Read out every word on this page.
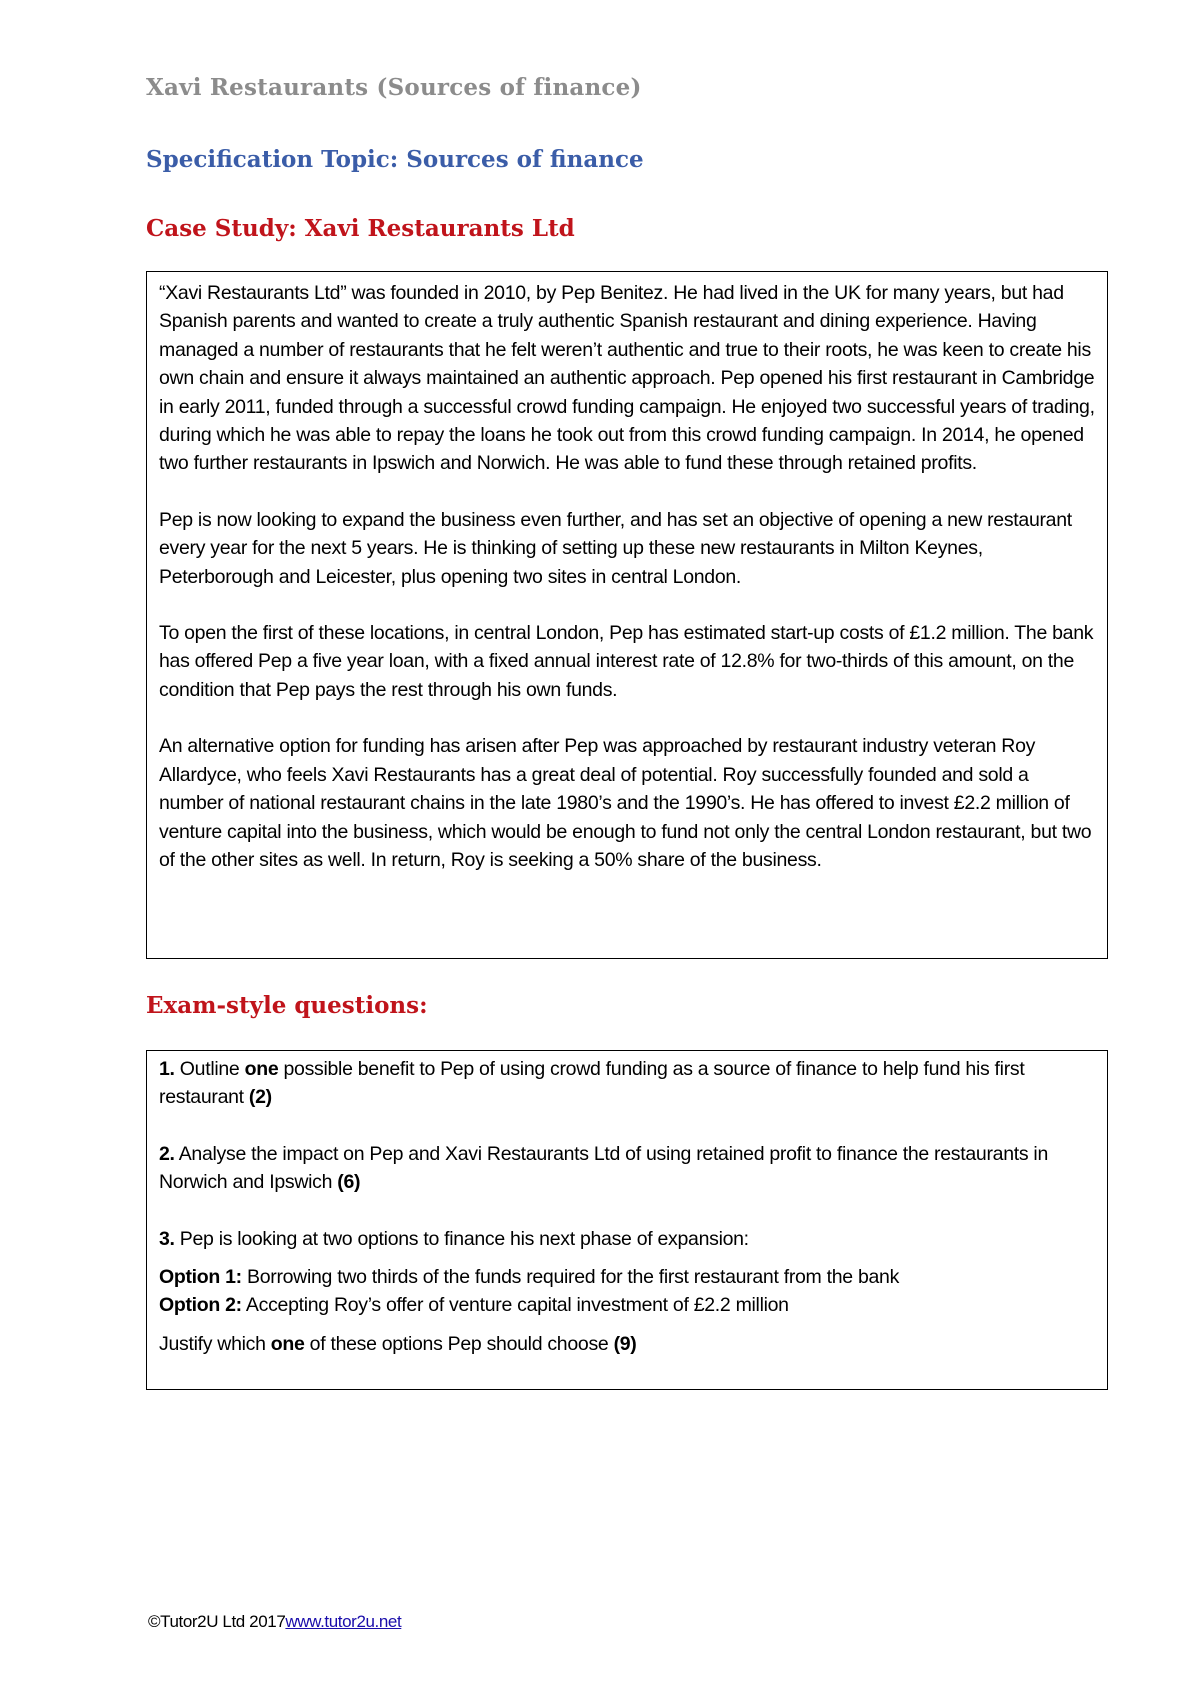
Xavi Restaurants (Sources of finance)
Specification Topic: Sources of finance
Case Study: Xavi Restaurants Ltd

“Xavi Restaurants Ltd” was founded in 2010, by Pep Benitez. He had lived in the UK for many years, but had Spanish parents and wanted to create a truly authentic Spanish restaurant and dining experience. Having managed a number of restaurants that he felt weren’t authentic and true to their roots, he was keen to create his own chain and ensure it always maintained an authentic approach. Pep opened his first restaurant in Cambridge in early 2011, funded through a successful crowd funding campaign. He enjoyed two successful years of trading, during which he was able to repay the loans he took out from this crowd funding campaign. In 2014, he opened two further restaurants in Ipswich and Norwich. He was able to fund these through retained profits.

Pep is now looking to expand the business even further, and has set an objective of opening a new restaurant every year for the next 5 years. He is thinking of setting up these new restaurants in Milton Keynes, Peterborough and Leicester, plus opening two sites in central London.

To open the first of these locations, in central London, Pep has estimated start-up costs of £1.2 million. The bank has offered Pep a five year loan, with a fixed annual interest rate of 12.8% for two-thirds of this amount, on the condition that Pep pays the rest through his own funds.

An alternative option for funding has arisen after Pep was approached by restaurant industry veteran Roy Allardyce, who feels Xavi Restaurants has a great deal of potential. Roy successfully founded and sold a number of national restaurant chains in the late 1980’s and the 1990’s. He has offered to invest £2.2 million of venture capital into the business, which would be enough to fund not only the central London restaurant, but two of the other sites as well. In return, Roy is seeking a 50% share of the business.

Exam-style questions:

1. Outline one possible benefit to Pep of using crowd funding as a source of finance to help fund his first restaurant (2)

2. Analyse the impact on Pep and Xavi Restaurants Ltd of using retained profit to finance the restaurants in Norwich and Ipswich (6)

3. Pep is looking at two options to finance his next phase of expansion:

Option 1: Borrowing two thirds of the funds required for the first restaurant from the bank
Option 2: Accepting Roy’s offer of venture capital investment of £2.2 million

Justify which one of these options Pep should choose (9)

©Tutor2U Ltd 2017www.tutor2u.net
